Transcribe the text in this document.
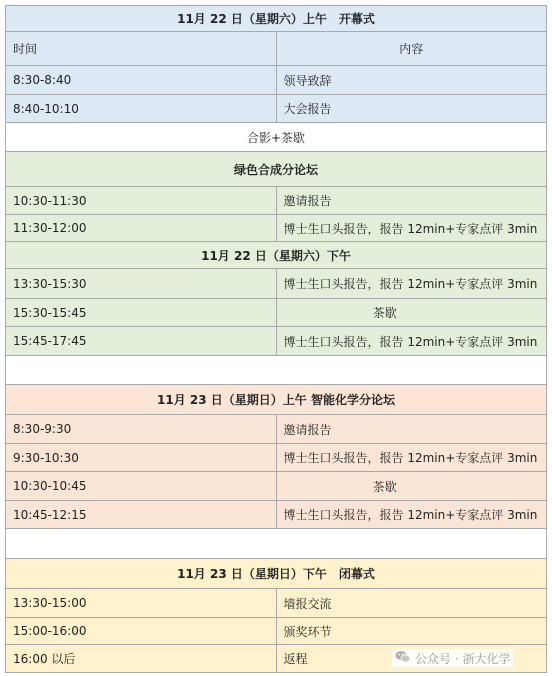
11月 22 日（星期六）上午　开幕式	
时间	内容
8:30-8:40	领导致辞
8:40-10:10	大会报告
合影+茶歇	
绿色合成分论坛	
10:30-11:30	邀请报告
11:30-12:00	博士生口头报告，报告 12min+专家点评 3min
11月 22 日（星期六）下午	
13:30-15:30	博士生口头报告，报告 12min+专家点评 3min
15:30-15:45	茶歇
15:45-17:45	博士生口头报告，报告 12min+专家点评 3min

11月 23 日（星期日）上午 智能化学分论坛	
8:30-9:30	邀请报告
9:30-10:30	博士生口头报告，报告 12min+专家点评 3min
10:30-10:45	茶歇
10:45-12:15	博士生口头报告，报告 12min+专家点评 3min

11月 23 日（星期日）下午　闭幕式	
13:30-15:00	墙报交流
15:00-16:00	颁奖环节
16:00 以后	返程	公众号 · 浙大化学
